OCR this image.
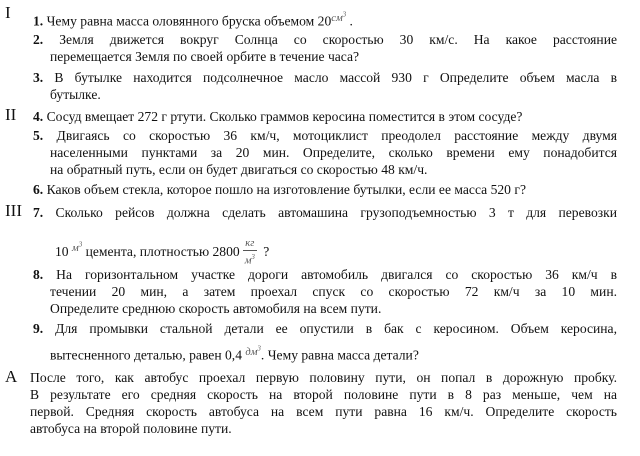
I 1. Чему равна масса оловянного бруска объемом $20^{см^3}$ .
2. Земля движется вокруг Солнца со скоростью 30 км/с. На какое расстояние
перемещается Земля по своей орбите в течение часа?
3. В бутылке находится подсолнечное масло массой 930 г Определите объем масла в
бутылке.
II 4. Сосуд вмещает 272 г ртути. Сколько граммов керосина поместится в этом сосуде?
5. Двигаясь со скоростью 36 км/ч, мотоциклист преодолел расстояние между двумя
населенными пунктами за 20 мин. Определите, сколько времени ему понадобится
на обратный путь, если он будет двигаться со скоростью 48 км/ч.
6. Каков объем стекла, которое пошло на изготовление бутылки, если ее масса 520 г?
III 7. Сколько рейсов должна сделать автомашина грузоподъемностью 3 т для перевозки
10 $^{м^3}$ цемента, плотностью $2800 \frac{кг}{м^3}$ ?
8. На горизонтальном участке дороги автомобиль двигался со скоростью 36 км/ч в
течении 20 мин, а затем проехал спуск со скоростью 72 км/ч за 10 мин.
Определите среднюю скорость автомобиля на всем пути.
9. Для промывки стальной детали ее опустили в бак с керосином. Объем керосина,
вытесненного деталью, равен 0,4 $^{дм^3}$. Чему равна масса детали?
A После того, как автобус проехал первую половину пути, он попал в дорожную пробку.
В результате его средняя скорость на второй половине пути в 8 раз меньше, чем на
первой. Средняя скорость автобуса на всем пути равна 16 км/ч. Определите скорость
автобуса на второй половине пути.
